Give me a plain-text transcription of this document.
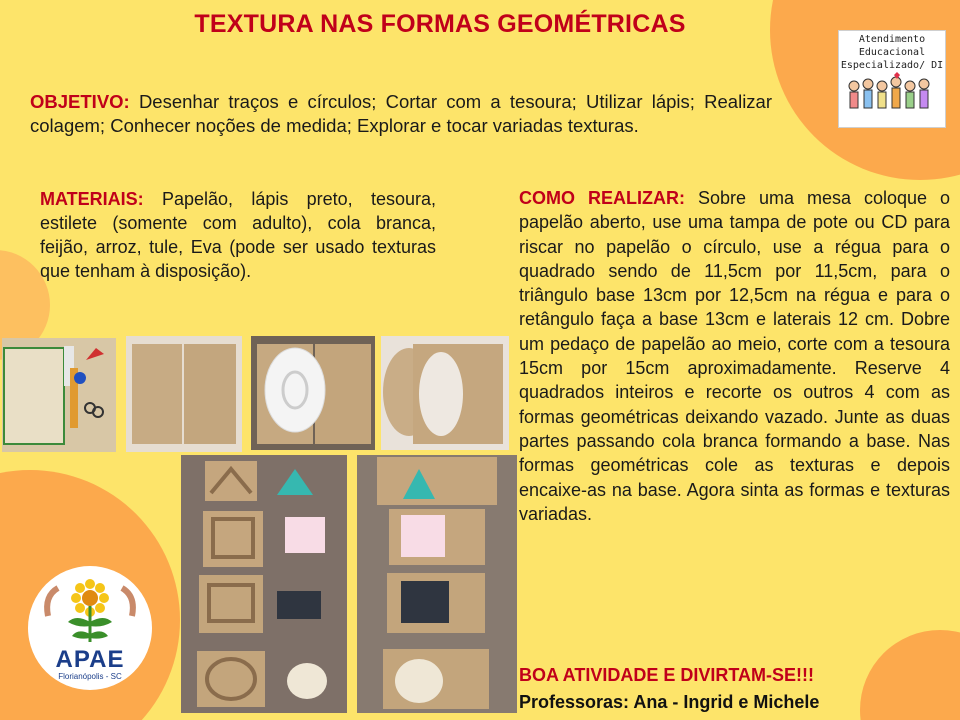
TEXTURA NAS FORMAS GEOMÉTRICAS
Atendimento
Educacional
Especializado/ DI
OBJETIVO: Desenhar traços e círculos; Cortar com a tesoura; Utilizar lápis; Realizar colagem; Conhecer noções de medida; Explorar e tocar variadas texturas.
MATERIAIS: Papelão, lápis preto, tesoura, estilete (somente com adulto), cola branca, feijão, arroz, tule, Eva (pode ser usado texturas que tenham à disposição).
COMO REALIZAR: Sobre uma mesa coloque o papelão aberto, use uma tampa de pote ou CD para riscar no papelão o círculo, use a régua para o quadrado sendo de 11,5cm por 11,5cm, para o triângulo base 13cm por 12,5cm na régua e para o retângulo faça a base 13cm e laterais 12 cm. Dobre um pedaço de papelão ao meio, corte com a tesoura 15cm por 15cm aproximadamente. Reserve 4 quadrados inteiros e recorte os outros 4 com as formas geométricas deixando vazado. Junte as duas partes passando cola branca formando a base. Nas formas geométricas cole as texturas e depois encaixe-as na base. Agora sinta as formas e texturas variadas.
BOA ATIVIDADE E DIVIRTAM-SE!!!
Professoras: Ana - Ingrid e Michele
APAE
Florianópolis - SC
